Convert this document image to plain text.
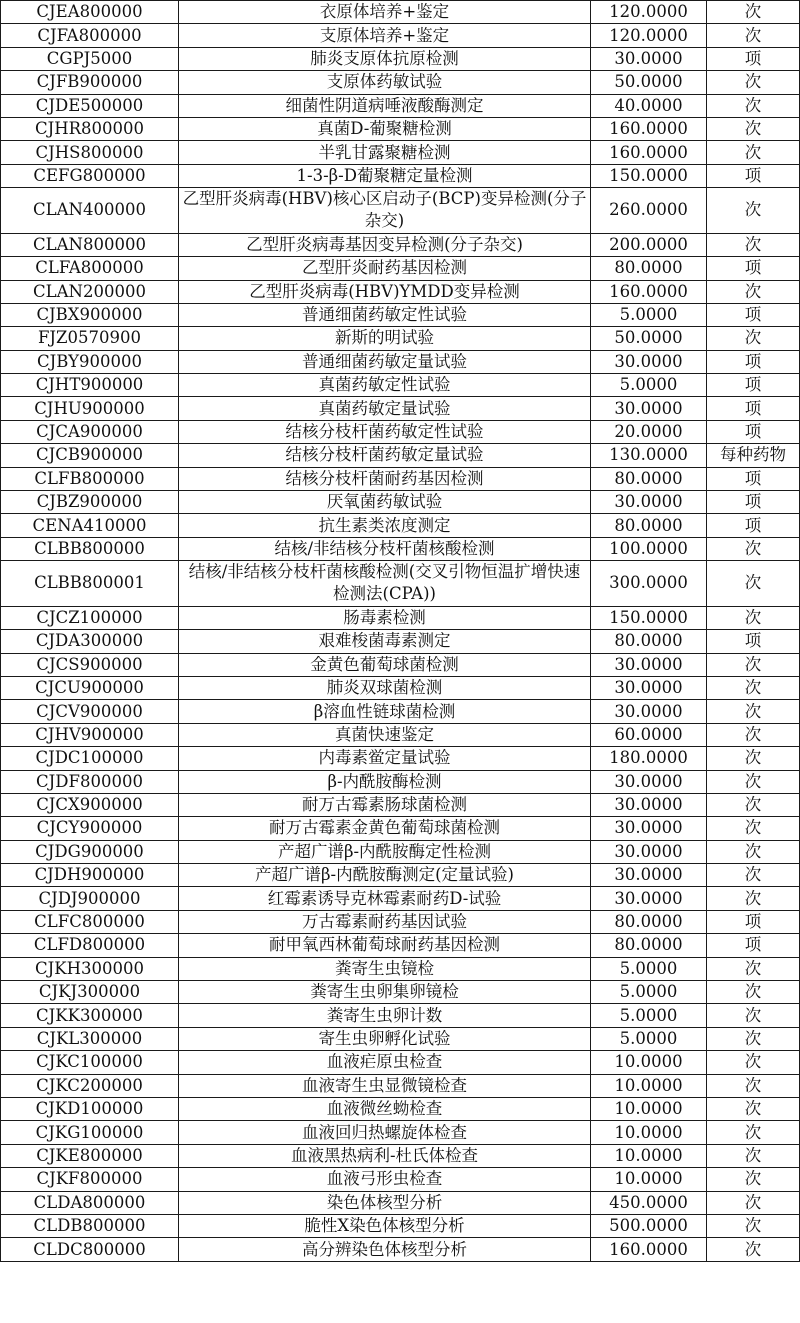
CJEA800000	衣原体培养+鉴定	120.0000	次
CJFA800000	支原体培养+鉴定	120.0000	次
CGPJ5000	肺炎支原体抗原检测	30.0000	项
CJFB900000	支原体药敏试验	50.0000	次
CJDE500000	细菌性阴道病唾液酸酶测定	40.0000	次
CJHR800000	真菌D-葡聚糖检测	160.0000	次
CJHS800000	半乳甘露聚糖检测	160.0000	次
CEFG800000	1-3-β-D葡聚糖定量检测	150.0000	项
CLAN400000	乙型肝炎病毒(HBV)核心区启动子(BCP)变异检测(分子杂交)	260.0000	次
CLAN800000	乙型肝炎病毒基因变异检测(分子杂交)	200.0000	次
CLFA800000	乙型肝炎耐药基因检测	80.0000	项
CLAN200000	乙型肝炎病毒(HBV)YMDD变异检测	160.0000	次
CJBX900000	普通细菌药敏定性试验	5.0000	项
FJZ0570900	新斯的明试验	50.0000	次
CJBY900000	普通细菌药敏定量试验	30.0000	项
CJHT900000	真菌药敏定性试验	5.0000	项
CJHU900000	真菌药敏定量试验	30.0000	项
CJCA900000	结核分枝杆菌药敏定性试验	20.0000	项
CJCB900000	结核分枝杆菌药敏定量试验	130.0000	每种药物
CLFB800000	结核分枝杆菌耐药基因检测	80.0000	项
CJBZ900000	厌氧菌药敏试验	30.0000	项
CENA410000	抗生素类浓度测定	80.0000	项
CLBB800000	结核/非结核分枝杆菌核酸检测	100.0000	次
CLBB800001	结核/非结核分枝杆菌核酸检测(交叉引物恒温扩增快速检测法(CPA))	300.0000	次
CJCZ100000	肠毒素检测	150.0000	次
CJDA300000	艰难梭菌毒素测定	80.0000	项
CJCS900000	金黄色葡萄球菌检测	30.0000	次
CJCU900000	肺炎双球菌检测	30.0000	次
CJCV900000	β溶血性链球菌检测	30.0000	次
CJHV900000	真菌快速鉴定	60.0000	次
CJDC100000	内毒素鲎定量试验	180.0000	次
CJDF800000	β-内酰胺酶检测	30.0000	次
CJCX900000	耐万古霉素肠球菌检测	30.0000	次
CJCY900000	耐万古霉素金黄色葡萄球菌检测	30.0000	次
CJDG900000	产超广谱β-内酰胺酶定性检测	30.0000	次
CJDH900000	产超广谱β-内酰胺酶测定(定量试验)	30.0000	次
CJDJ900000	红霉素诱导克林霉素耐药D-试验	30.0000	次
CLFC800000	万古霉素耐药基因试验	80.0000	项
CLFD800000	耐甲氧西林葡萄球耐药基因检测	80.0000	项
CJKH300000	粪寄生虫镜检	5.0000	次
CJKJ300000	粪寄生虫卵集卵镜检	5.0000	次
CJKK300000	粪寄生虫卵计数	5.0000	次
CJKL300000	寄生虫卵孵化试验	5.0000	次
CJKC100000	血液疟原虫检查	10.0000	次
CJKC200000	血液寄生虫显微镜检查	10.0000	次
CJKD100000	血液微丝蚴检查	10.0000	次
CJKG100000	血液回归热螺旋体检查	10.0000	次
CJKE800000	血液黑热病利-杜氏体检查	10.0000	次
CJKF800000	血液弓形虫检查	10.0000	次
CLDA800000	染色体核型分析	450.0000	次
CLDB800000	脆性X染色体核型分析	500.0000	次
CLDC800000	高分辨染色体核型分析	160.0000	次
